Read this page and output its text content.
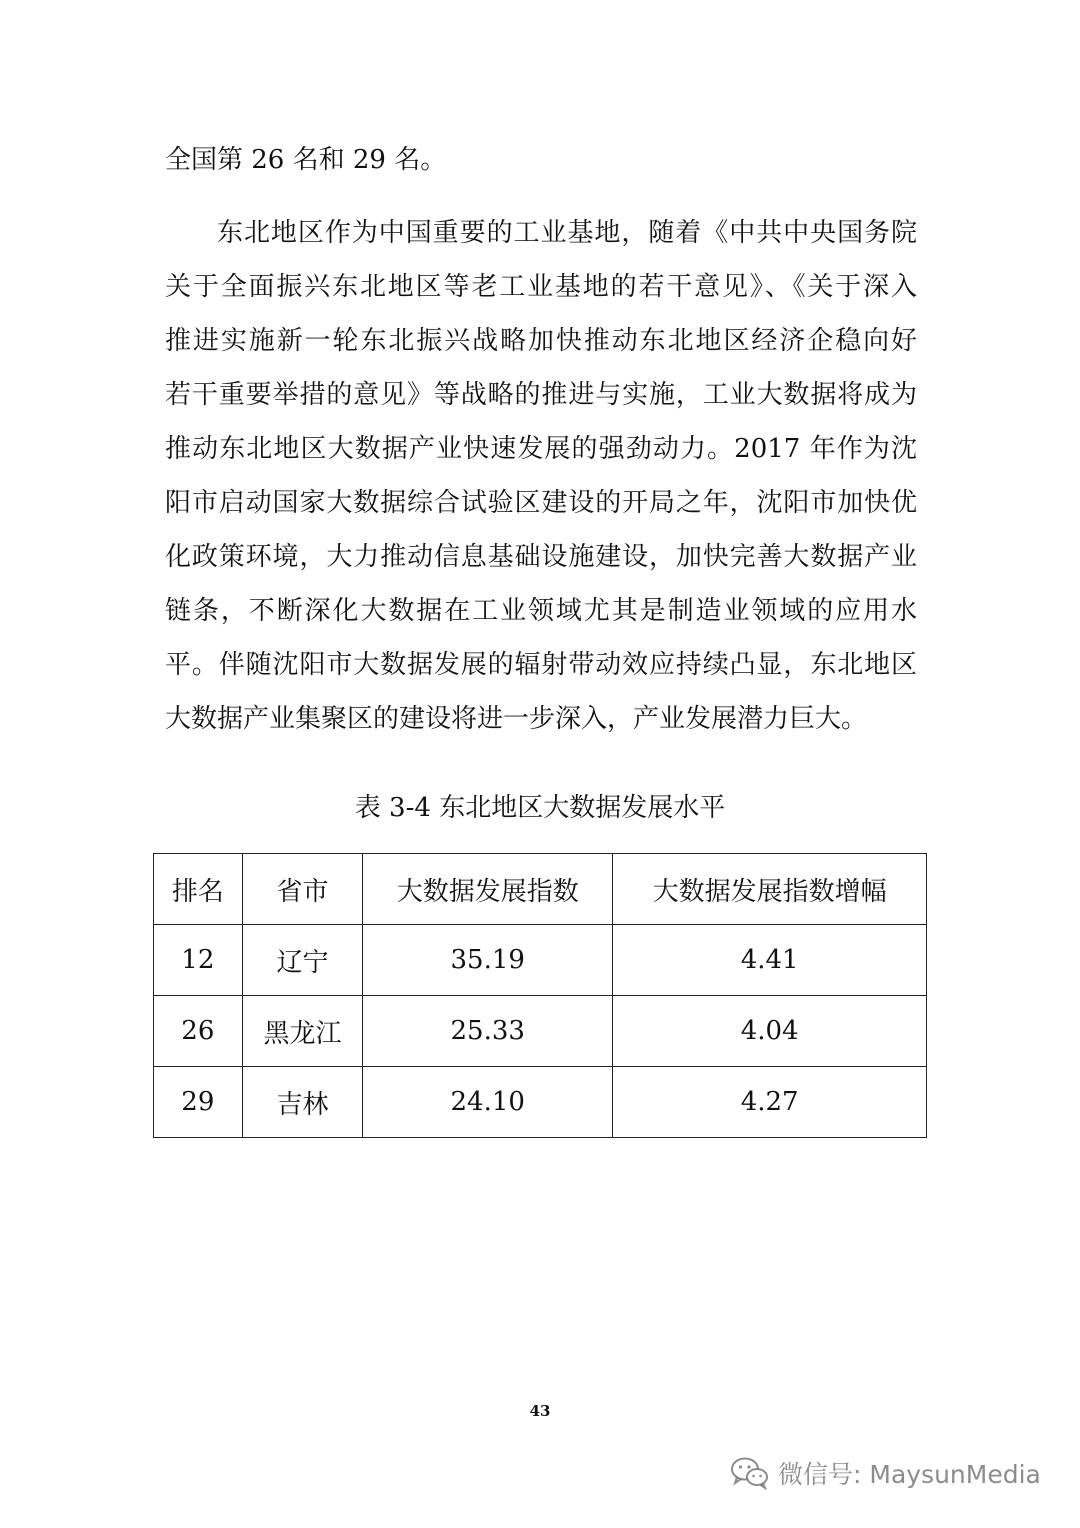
全国第 26 名和 29 名。
东北地区作为中国重要的工业基地，随着《中共中央国务院
关于全面振兴东北地区等老工业基地的若干意见》、《关于深入
推进实施新一轮东北振兴战略加快推动东北地区经济企稳向好
若干重要举措的意见》等战略的推进与实施，工业大数据将成为
推动东北地区大数据产业快速发展的强劲动力。2017 年作为沈
阳市启动国家大数据综合试验区建设的开局之年，沈阳市加快优
化政策环境，大力推动信息基础设施建设，加快完善大数据产业
链条，不断深化大数据在工业领域尤其是制造业领域的应用水
平。伴随沈阳市大数据发展的辐射带动效应持续凸显，东北地区
大数据产业集聚区的建设将进一步深入，产业发展潜力巨大。
表 3-4 东北地区大数据发展水平
排名	省市	大数据发展指数	大数据发展指数增幅
12	辽宁	35.19	4.41
26	黑龙江	25.33	4.04
29	吉林	24.10	4.27
43
微信号: MaysunMedia
